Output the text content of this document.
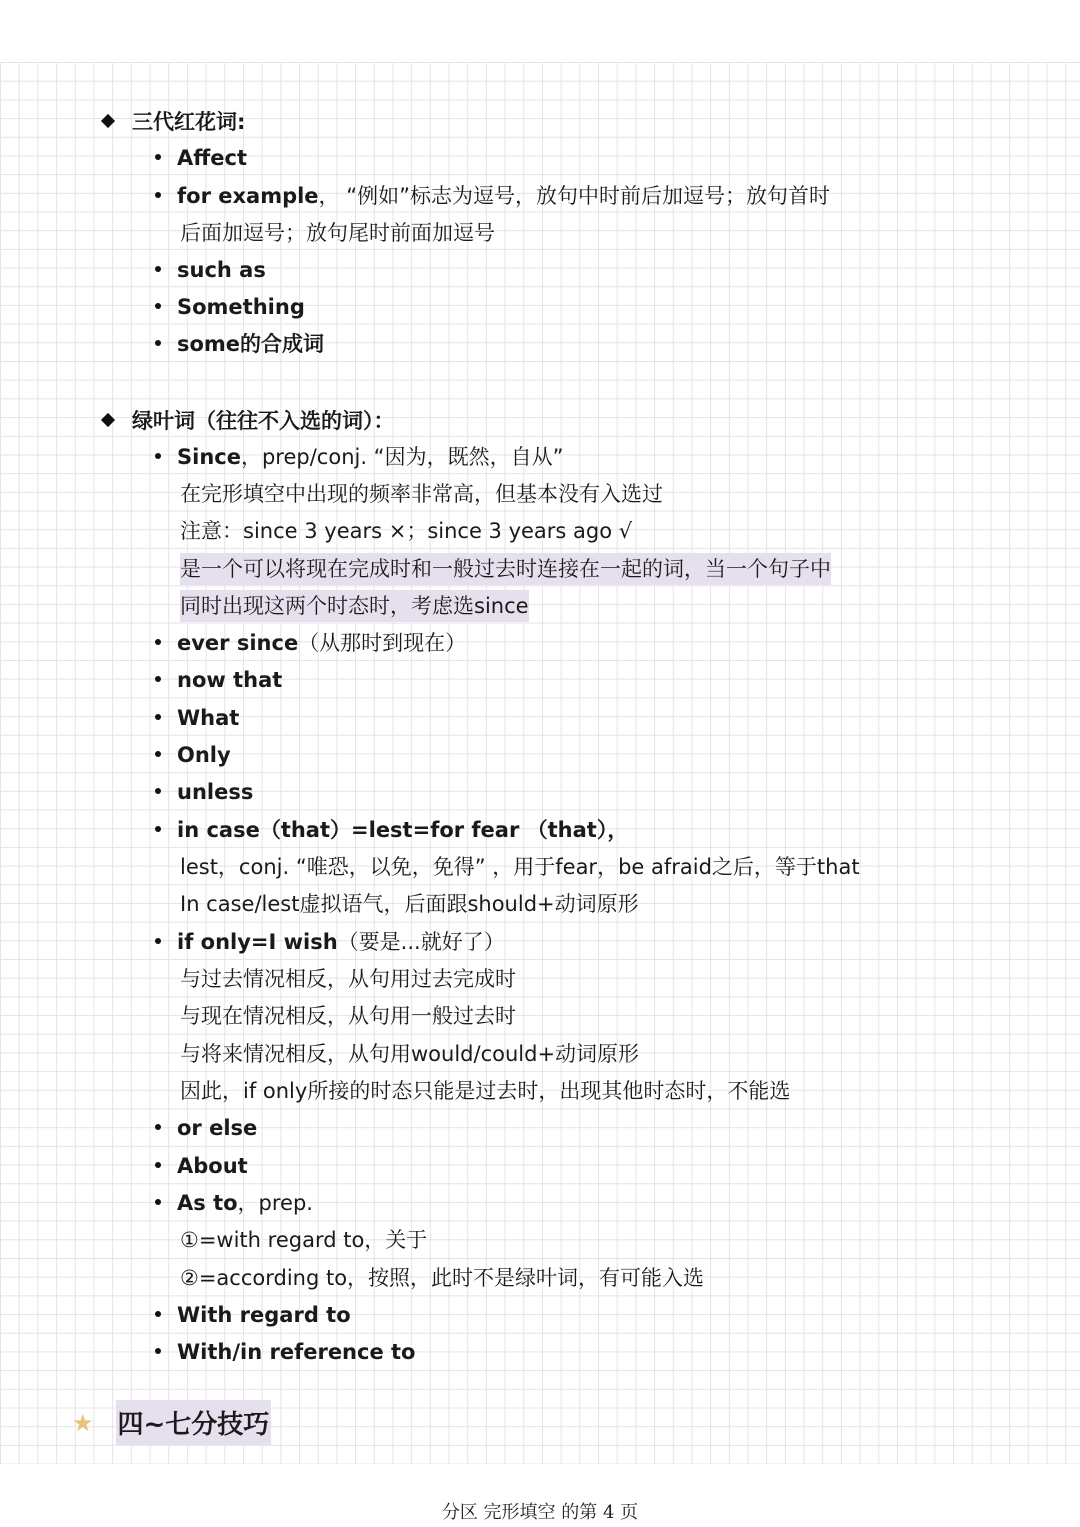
三代红花词:
Affect
for example， “例如”标志为逗号，放句中时前后加逗号；放句首时
后面加逗号；放句尾时前面加逗号
such as
Something
some的合成词
绿叶词（往往不入选的词）：
Since，prep/conj. “因为，既然，自从”
在完形填空中出现的频率非常高，但基本没有入选过
注意：since 3 years ×；since 3 years ago √
是一个可以将现在完成时和一般过去时连接在一起的词，当一个句子中
同时出现这两个时态时，考虑选since
ever since（从那时到现在）
now that
What
Only
unless
in case（that）=lest=for fear （that），
lest，conj. “唯恐，以免，免得” ，用于fear，be afraid之后，等于that
In case/lest虚拟语气，后面跟should+动词原形
if only=I wish（要是...就好了）
与过去情况相反，从句用过去完成时
与现在情况相反，从句用一般过去时
与将来情况相反，从句用would/could+动词原形
因此，if only所接的时态只能是过去时，出现其他时态时，不能选
or else
About
As to，prep.
①=with regard to，关于
②=according to，按照，此时不是绿叶词，有可能入选
With regard to
With/in reference to
★ 四~七分技巧
分区 完形填空 的第 4 页
